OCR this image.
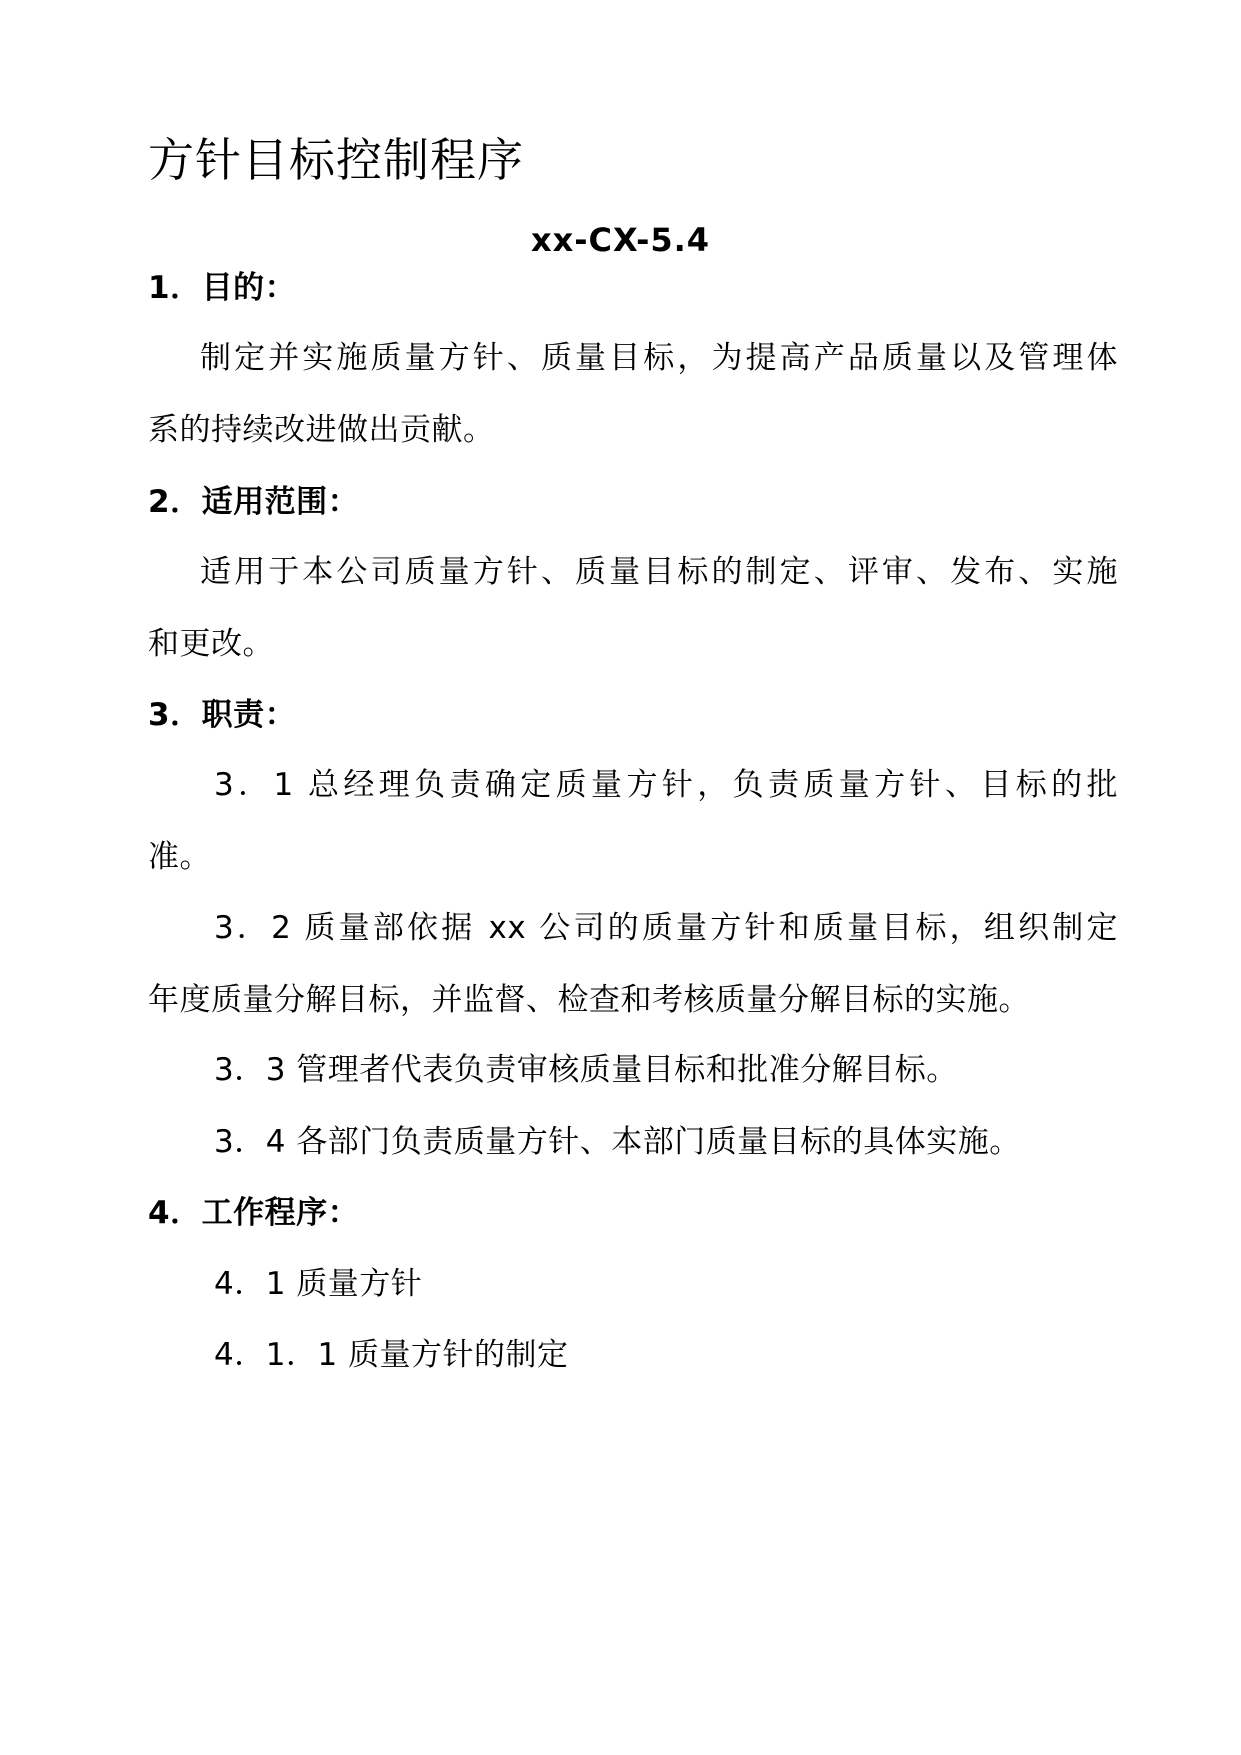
方针目标控制程序
xx-CX-5.4
1．目的：
制定并实施质量方针、质量目标，为提高产品质量以及管理体
系的持续改进做出贡献。
2．适用范围：
适用于本公司质量方针、质量目标的制定、评审、发布、实施
和更改。
3．职责：
3．1 总经理负责确定质量方针，负责质量方针、目标的批
准。
3．2 质量部依据 xx 公司的质量方针和质量目标，组织制定
年度质量分解目标，并监督、检查和考核质量分解目标的实施。
3．3 管理者代表负责审核质量目标和批准分解目标。
3．4 各部门负责质量方针、本部门质量目标的具体实施。
4．工作程序：
4．1 质量方针
4．1．1 质量方针的制定
